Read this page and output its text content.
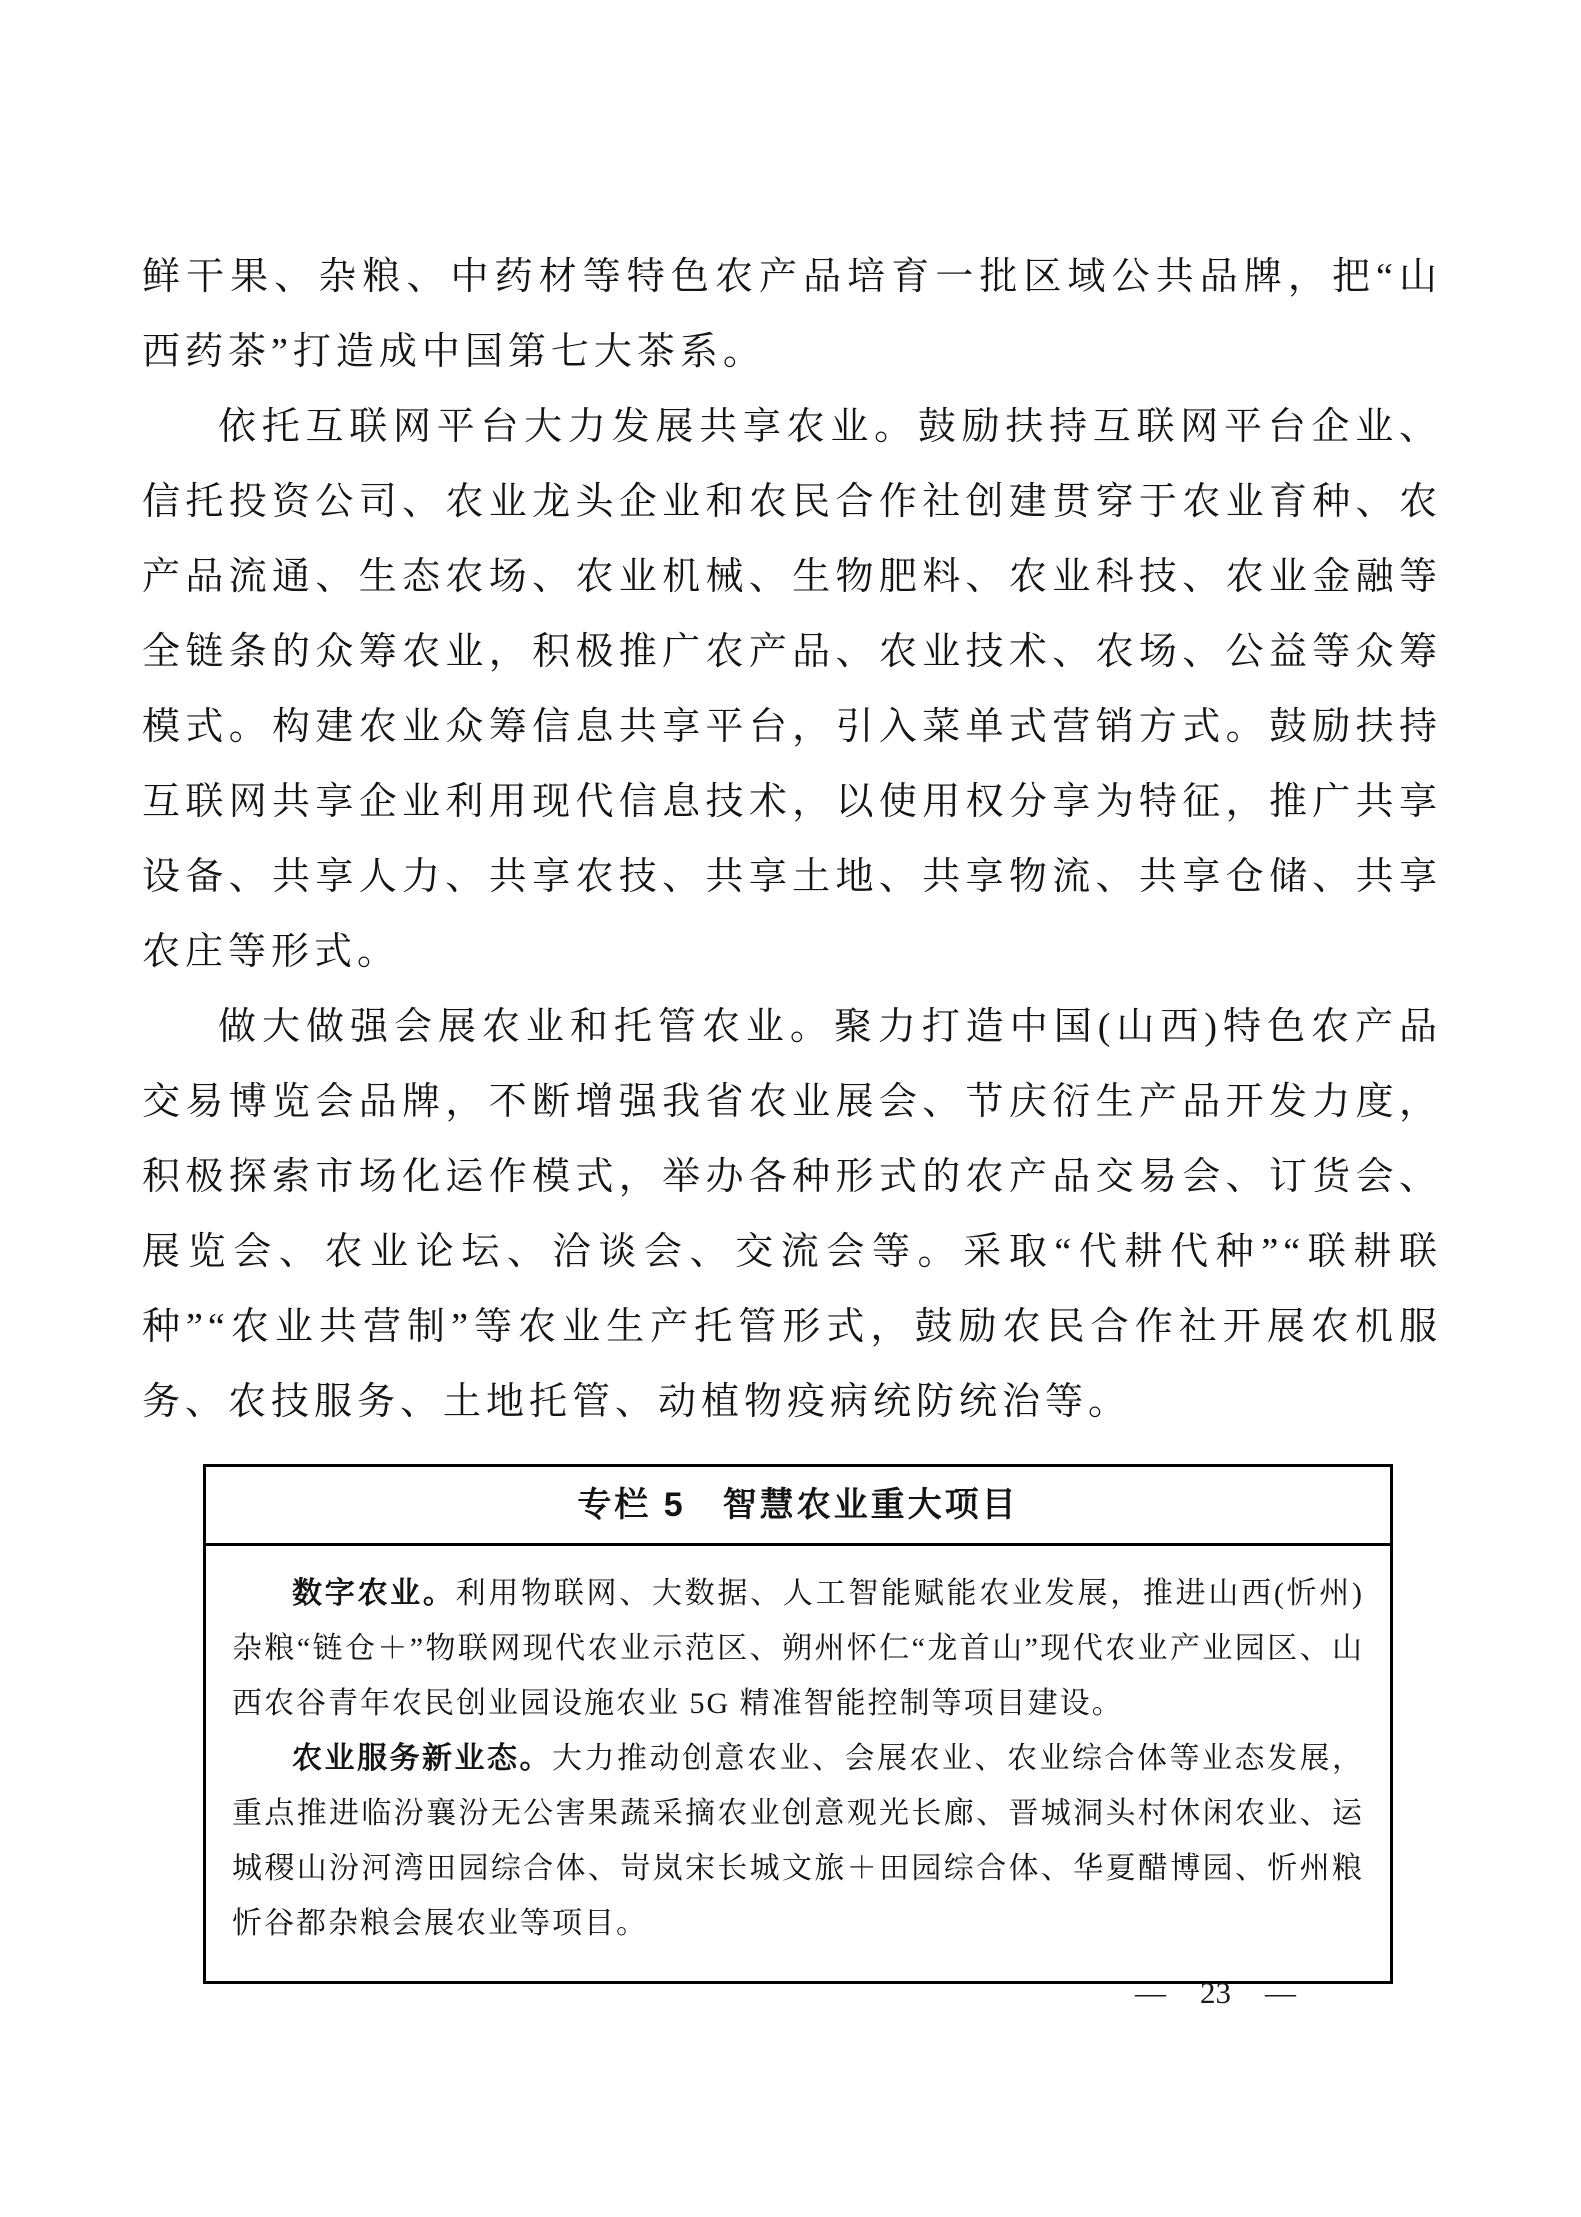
鲜干果、杂粮、中药材等特色农产品培育一批区域公共品牌，把“山西药茶”打造成中国第七大茶系。

依托互联网平台大力发展共享农业。鼓励扶持互联网平台企业、信托投资公司、农业龙头企业和农民合作社创建贯穿于农业育种、农产品流通、生态农场、农业机械、生物肥料、农业科技、农业金融等全链条的众筹农业，积极推广农产品、农业技术、农场、公益等众筹模式。构建农业众筹信息共享平台，引入菜单式营销方式。鼓励扶持互联网共享企业利用现代信息技术，以使用权分享为特征，推广共享设备、共享人力、共享农技、共享土地、共享物流、共享仓储、共享农庄等形式。

做大做强会展农业和托管农业。聚力打造中国(山西)特色农产品交易博览会品牌，不断增强我省农业展会、节庆衍生产品开发力度，积极探索市场化运作模式，举办各种形式的农产品交易会、订货会、展览会、农业论坛、洽谈会、交流会等。采取“代耕代种”“联耕联种”“农业共营制”等农业生产托管形式，鼓励农民合作社开展农机服务、农技服务、土地托管、动植物疫病统防统治等。

专栏 5　智慧农业重大项目

数字农业。利用物联网、大数据、人工智能赋能农业发展，推进山西(忻州)杂粮“链仓＋”物联网现代农业示范区、朔州怀仁“龙首山”现代农业产业园区、山西农谷青年农民创业园设施农业 5G 精准智能控制等项目建设。

农业服务新业态。大力推动创意农业、会展农业、农业综合体等业态发展，重点推进临汾襄汾无公害果蔬采摘农业创意观光长廊、晋城洞头村休闲农业、运城稷山汾河湾田园综合体、岢岚宋长城文旅＋田园综合体、华夏醋博园、忻州粮忻谷都杂粮会展农业等项目。

— 23 —
